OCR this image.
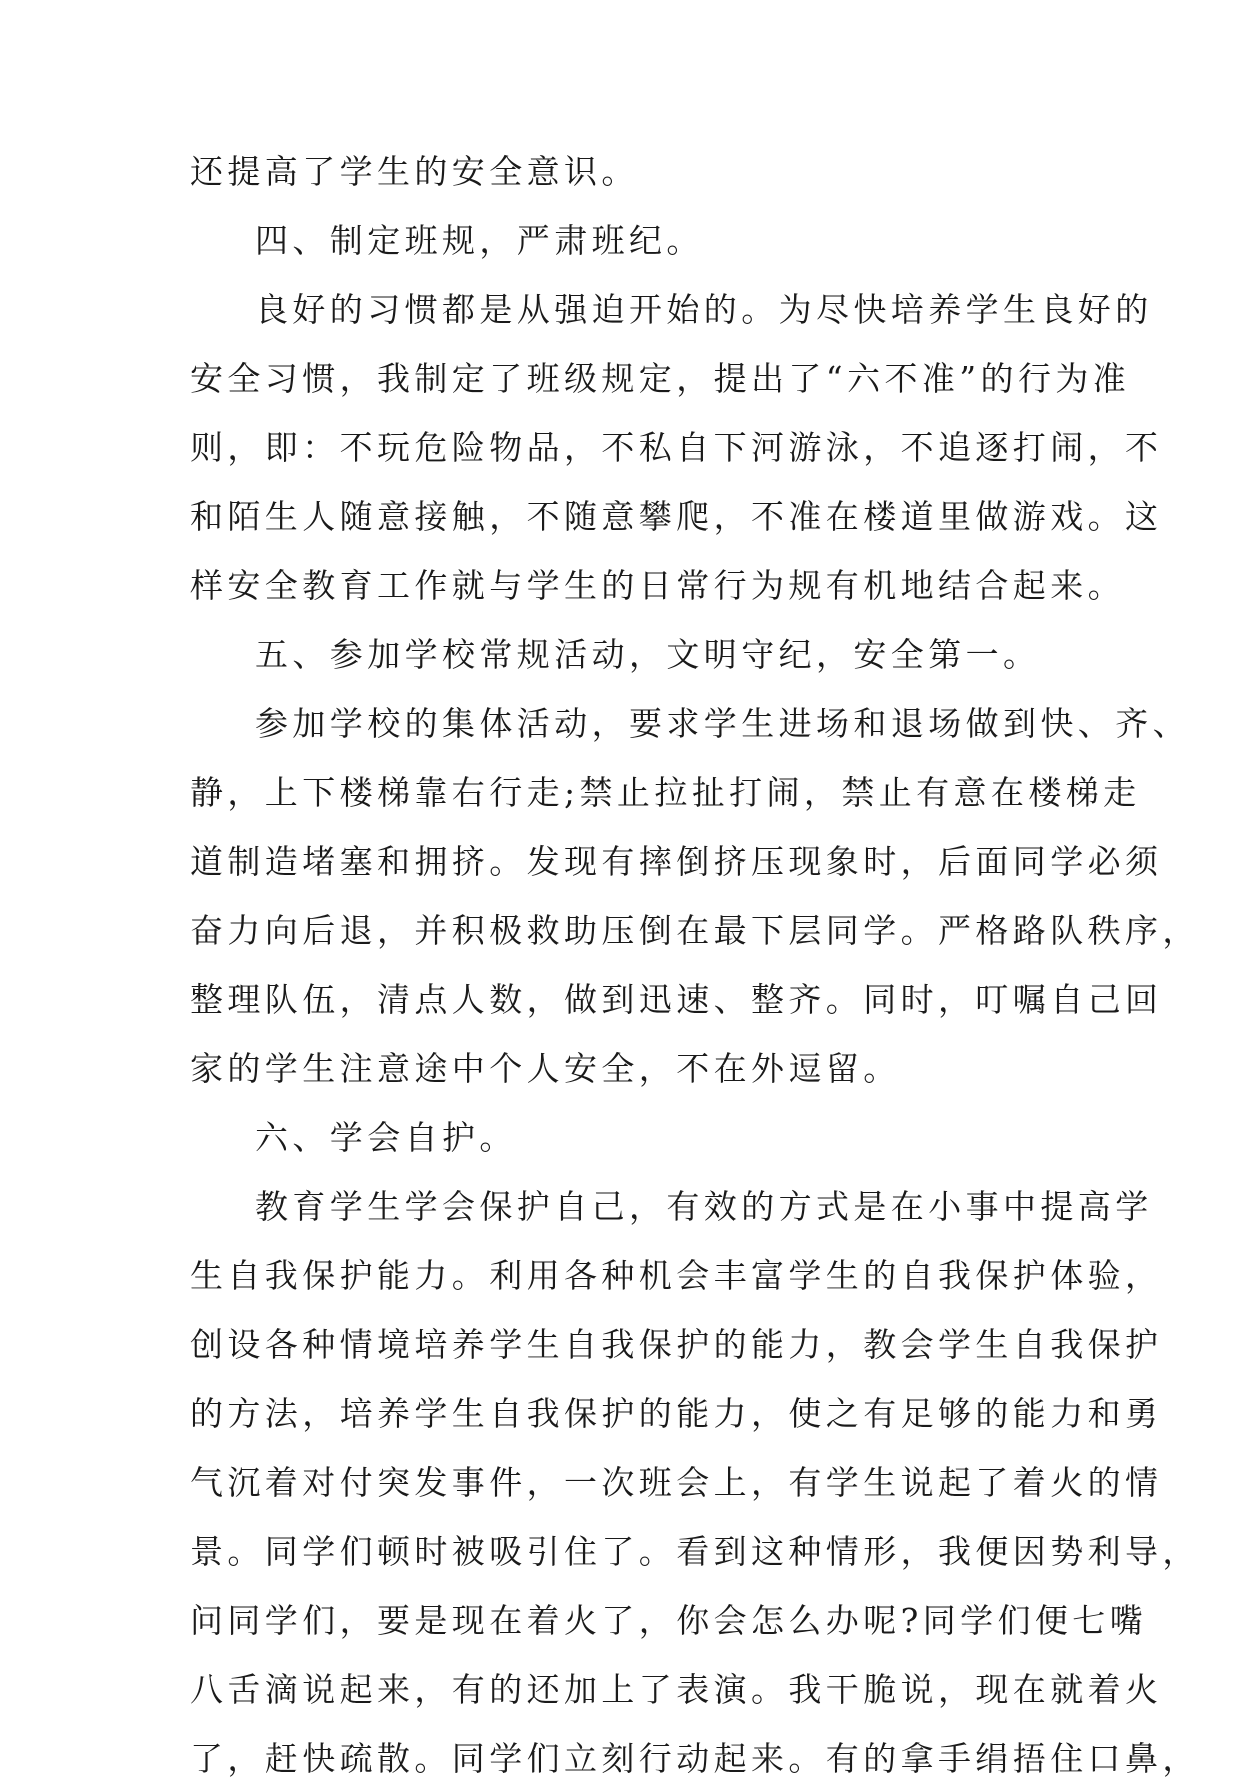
还提高了学生的安全意识。
四、制定班规，严肃班纪。
良好的习惯都是从强迫开始的。为尽快培养学生良好的
安全习惯，我制定了班级规定，提出了“六不准”的行为准
则，即：不玩危险物品，不私自下河游泳，不追逐打闹，不
和陌生人随意接触，不随意攀爬，不准在楼道里做游戏。这
样安全教育工作就与学生的日常行为规有机地结合起来。
五、参加学校常规活动，文明守纪，安全第一。
参加学校的集体活动，要求学生进场和退场做到快、齐、
静，上下楼梯靠右行走;禁止拉扯打闹，禁止有意在楼梯走
道制造堵塞和拥挤。发现有摔倒挤压现象时，后面同学必须
奋力向后退，并积极救助压倒在最下层同学。严格路队秩序，
整理队伍，清点人数，做到迅速、整齐。同时，叮嘱自己回
家的学生注意途中个人安全，不在外逗留。
六、学会自护。
教育学生学会保护自己，有效的方式是在小事中提高学
生自我保护能力。利用各种机会丰富学生的自我保护体验，
创设各种情境培养学生自我保护的能力，教会学生自我保护
的方法，培养学生自我保护的能力，使之有足够的能力和勇
气沉着对付突发事件，一次班会上，有学生说起了着火的情
景。同学们顿时被吸引住了。看到这种情形，我便因势利导，
问同学们，要是现在着火了，你会怎么办呢?同学们便七嘴
八舌滴说起来，有的还加上了表演。我干脆说，现在就着火
了，赶快疏散。同学们立刻行动起来。有的拿手绢捂住口鼻，
